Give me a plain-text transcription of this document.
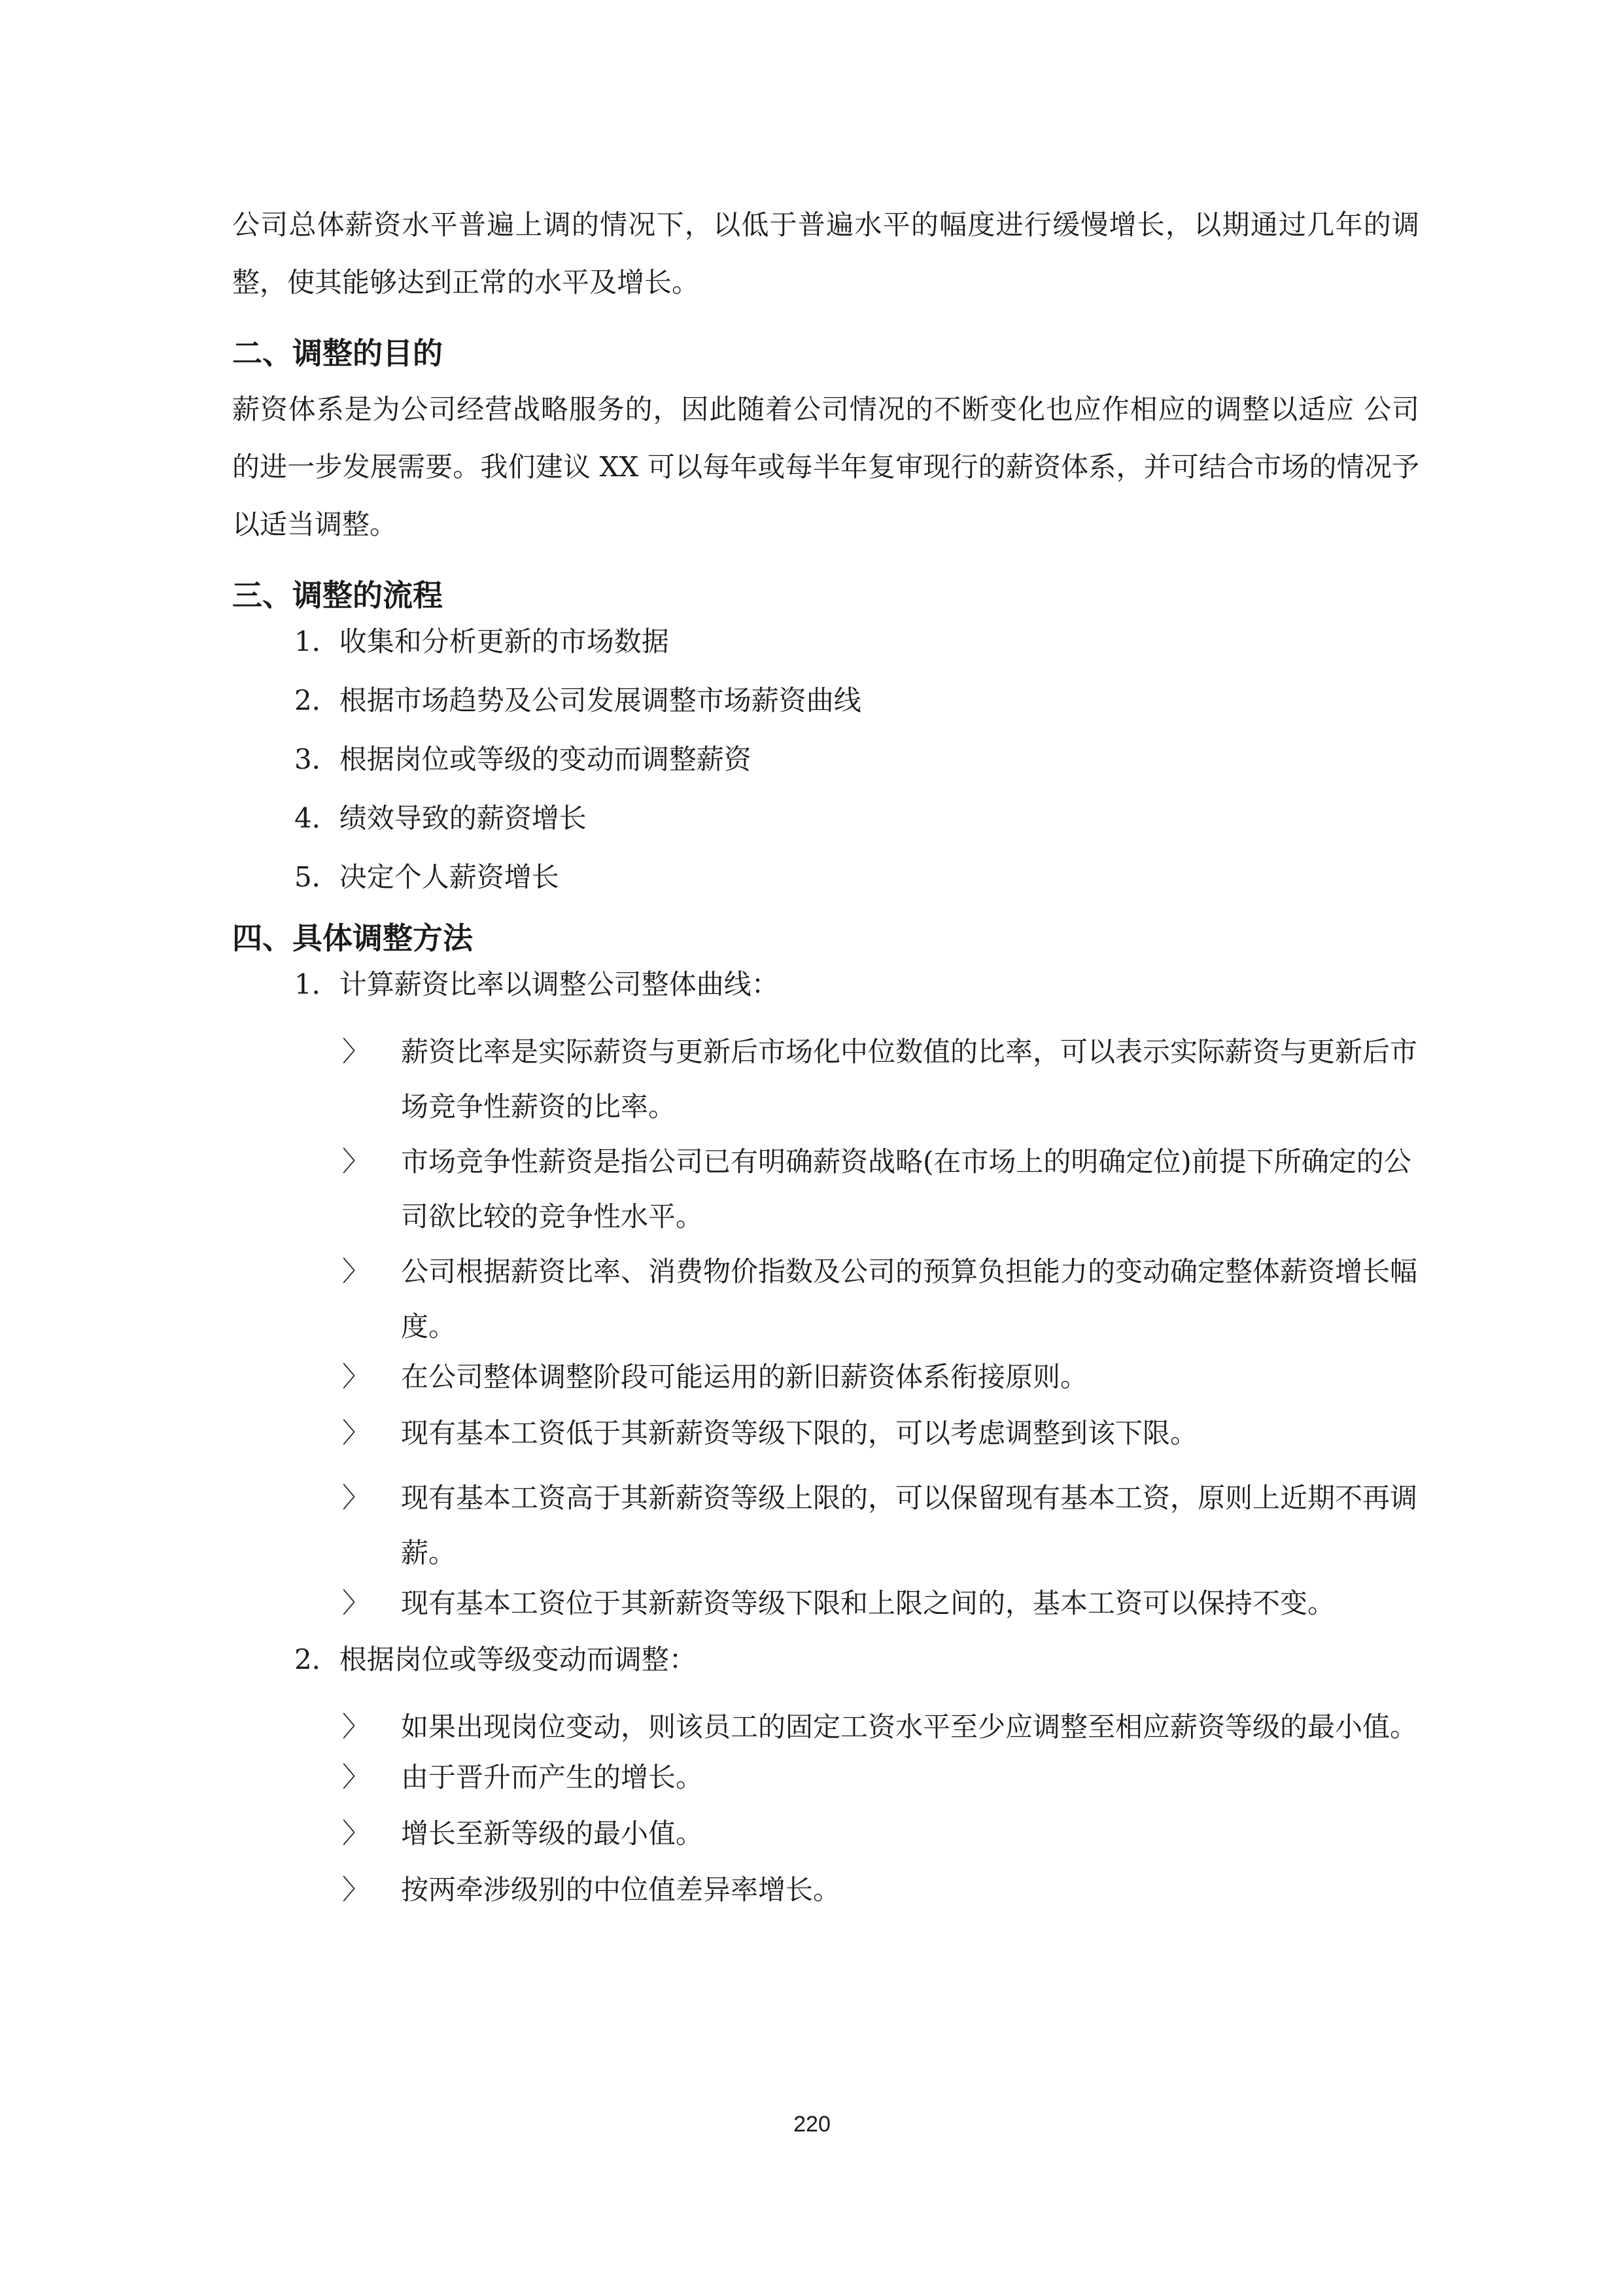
公司总体薪资水平普遍上调的情况下，以低于普遍水平的幅度进行缓慢增长，以期通过几年的调整，使其能够达到正常的水平及增长。

二、调整的目的

薪资体系是为公司经营战略服务的，因此随着公司情况的不断变化也应作相应的调整以适应 公司的进一步发展需要。我们建议 XX 可以每年或每半年复审现行的薪资体系，并可结合市场的情况予以适当调整。

三、调整的流程

1．收集和分析更新的市场数据

2．根据市场趋势及公司发展调整市场薪资曲线

3．根据岗位或等级的变动而调整薪资

4．绩效导致的薪资增长

5．决定个人薪资增长

四、具体调整方法

1．计算薪资比率以调整公司整体曲线：

〉 薪资比率是实际薪资与更新后市场化中位数值的比率，可以表示实际薪资与更新后市场竞争性薪资的比率。
〉 市场竞争性薪资是指公司已有明确薪资战略(在市场上的明确定位)前提下所确定的公司欲比较的竞争性水平。
〉 公司根据薪资比率、消费物价指数及公司的预算负担能力的变动确定整体薪资增长幅度。
〉 在公司整体调整阶段可能运用的新旧薪资体系衔接原则。
〉 现有基本工资低于其新薪资等级下限的，可以考虑调整到该下限。
〉 现有基本工资高于其新薪资等级上限的，可以保留现有基本工资，原则上近期不再调薪。
〉 现有基本工资位于其新薪资等级下限和上限之间的，基本工资可以保持不变。

2．根据岗位或等级变动而调整：

〉 如果出现岗位变动，则该员工的固定工资水平至少应调整至相应薪资等级的最小值。
〉 由于晋升而产生的增长。
〉 增长至新等级的最小值。
〉 按两牵涉级别的中位值差异率增长。
220
